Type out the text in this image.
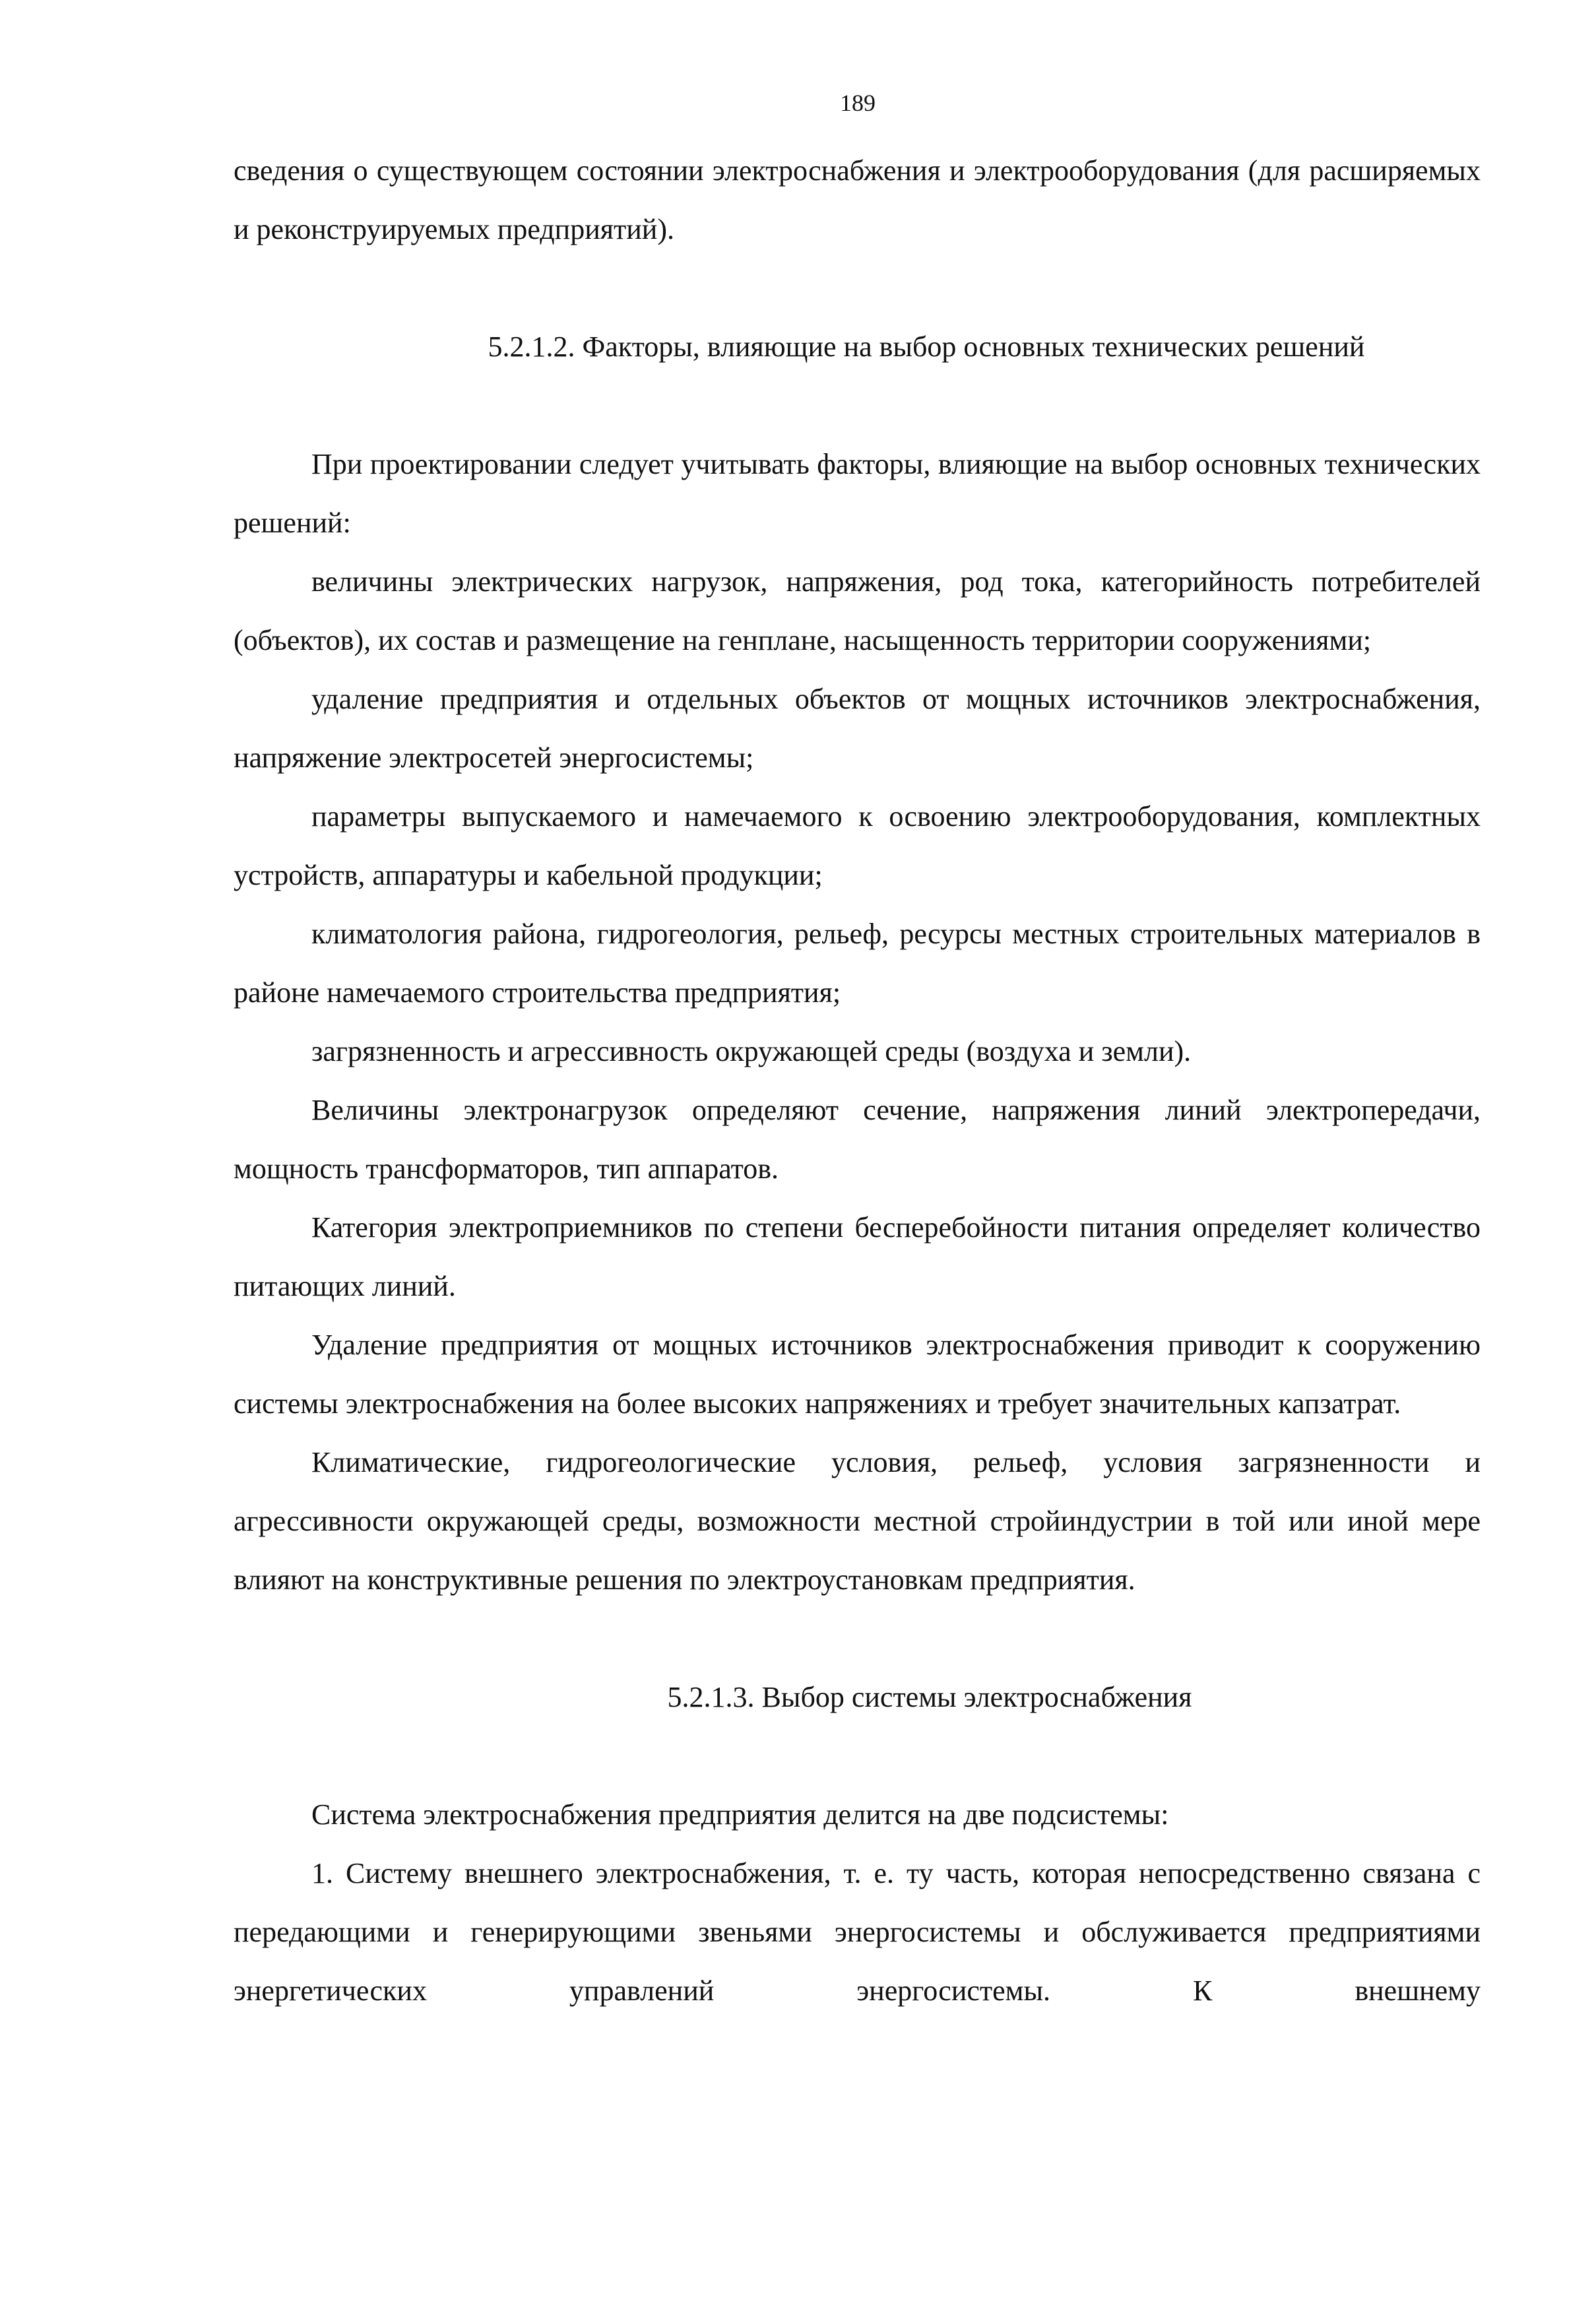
189

сведения о существующем состоянии электроснабжения и электрооборудования (для расширяемых и реконструируемых предприятий).

5.2.1.2. Факторы, влияющие на выбор основных технических решений

При проектировании следует учитывать факторы, влияющие на выбор основных технических решений:

величины электрических нагрузок, напряжения, род тока, категорийность потребителей (объектов), их состав и размещение на генплане, насыщенность территории сооружениями;

удаление предприятия и отдельных объектов от мощных источников электроснабжения, напряжение электросетей энергосистемы;

параметры выпускаемого и намечаемого к освоению электрооборудования, комплектных устройств, аппаратуры и кабельной продукции;

климатология района, гидрогеология, рельеф, ресурсы местных строительных материалов в районе намечаемого строительства предприятия;

загрязненность и агрессивность окружающей среды (воздуха и земли).

Величины электронагрузок определяют сечение, напряжения линий электропередачи, мощность трансформаторов, тип аппаратов.

Категория электроприемников по степени бесперебойности питания определяет количество питающих линий.

Удаление предприятия от мощных источников электроснабжения приводит к сооружению системы электроснабжения на более высоких напряжениях и требует значительных капзатрат.

Климатические, гидрогеологические условия, рельеф, условия загрязненности и агрессивности окружающей среды, возможности местной стройиндустрии в той или иной мере влияют на конструктивные решения по электроустановкам предприятия.

5.2.1.3. Выбор системы электроснабжения

Система электроснабжения предприятия делится на две подсистемы:

1. Систему внешнего электроснабжения, т. е. ту часть, которая непосредственно связана с передающими и генерирующими звеньями энергосистемы и обслуживается предприятиями энергетических управлений энергосистемы. К внешнему
